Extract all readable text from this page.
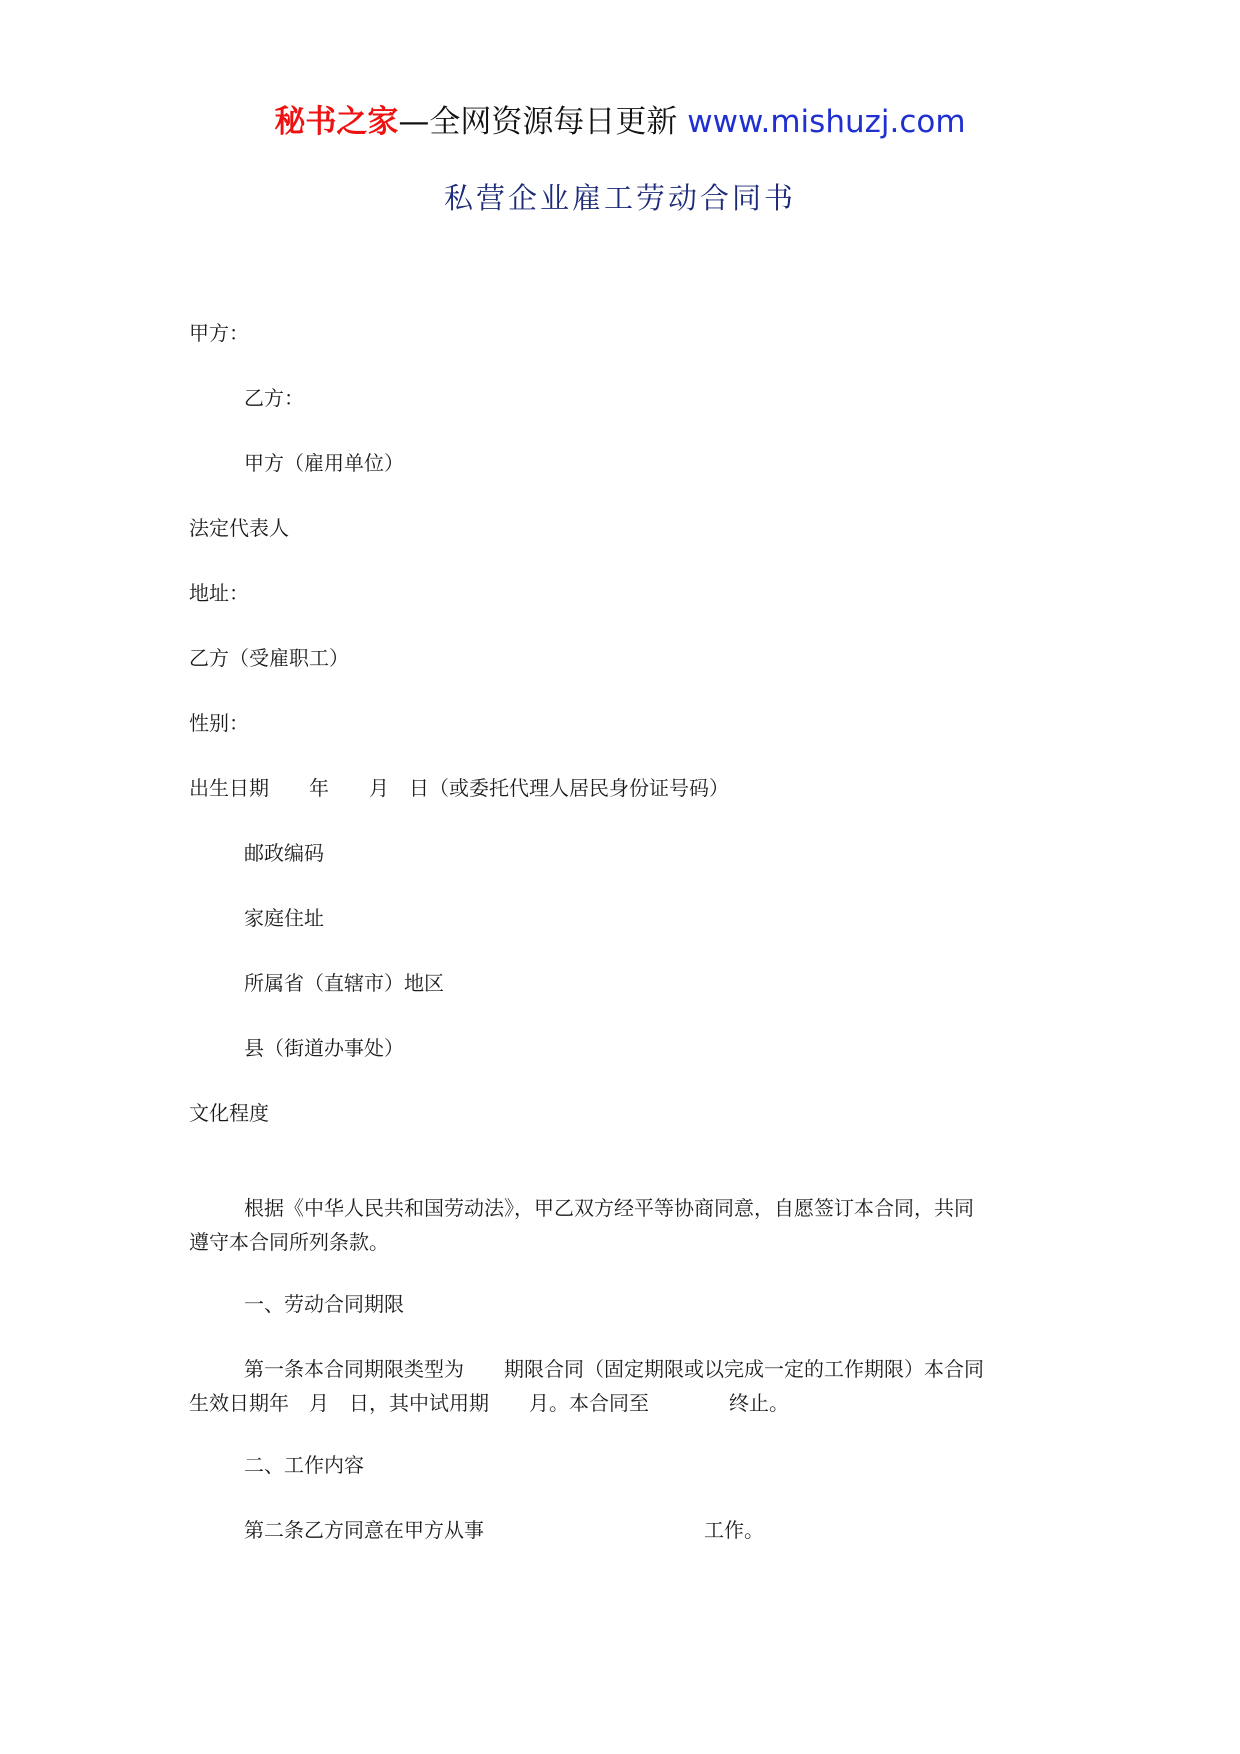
秘书之家—全网资源每日更新 www.mishuzj.com
私营企业雇工劳动合同书
甲方：
乙方：
甲方（雇用单位）
法定代表人
地址：
乙方（受雇职工）
性别：
出生日期　　年　　月　日（或委托代理人居民身份证号码）
邮政编码
家庭住址
所属省（直辖市）地区
县（街道办事处）
文化程度
根据《中华人民共和国劳动法》，甲乙双方经平等协商同意，自愿签订本合同，共同
遵守本合同所列条款。
一、劳动合同期限
第一条本合同期限类型为　　期限合同（固定期限或以完成一定的工作期限）本合同
生效日期年　月　日，其中试用期　　月。本合同至　　　　终止。
二、工作内容
第二条乙方同意在甲方从事　　　　　　　　　　　工作。
